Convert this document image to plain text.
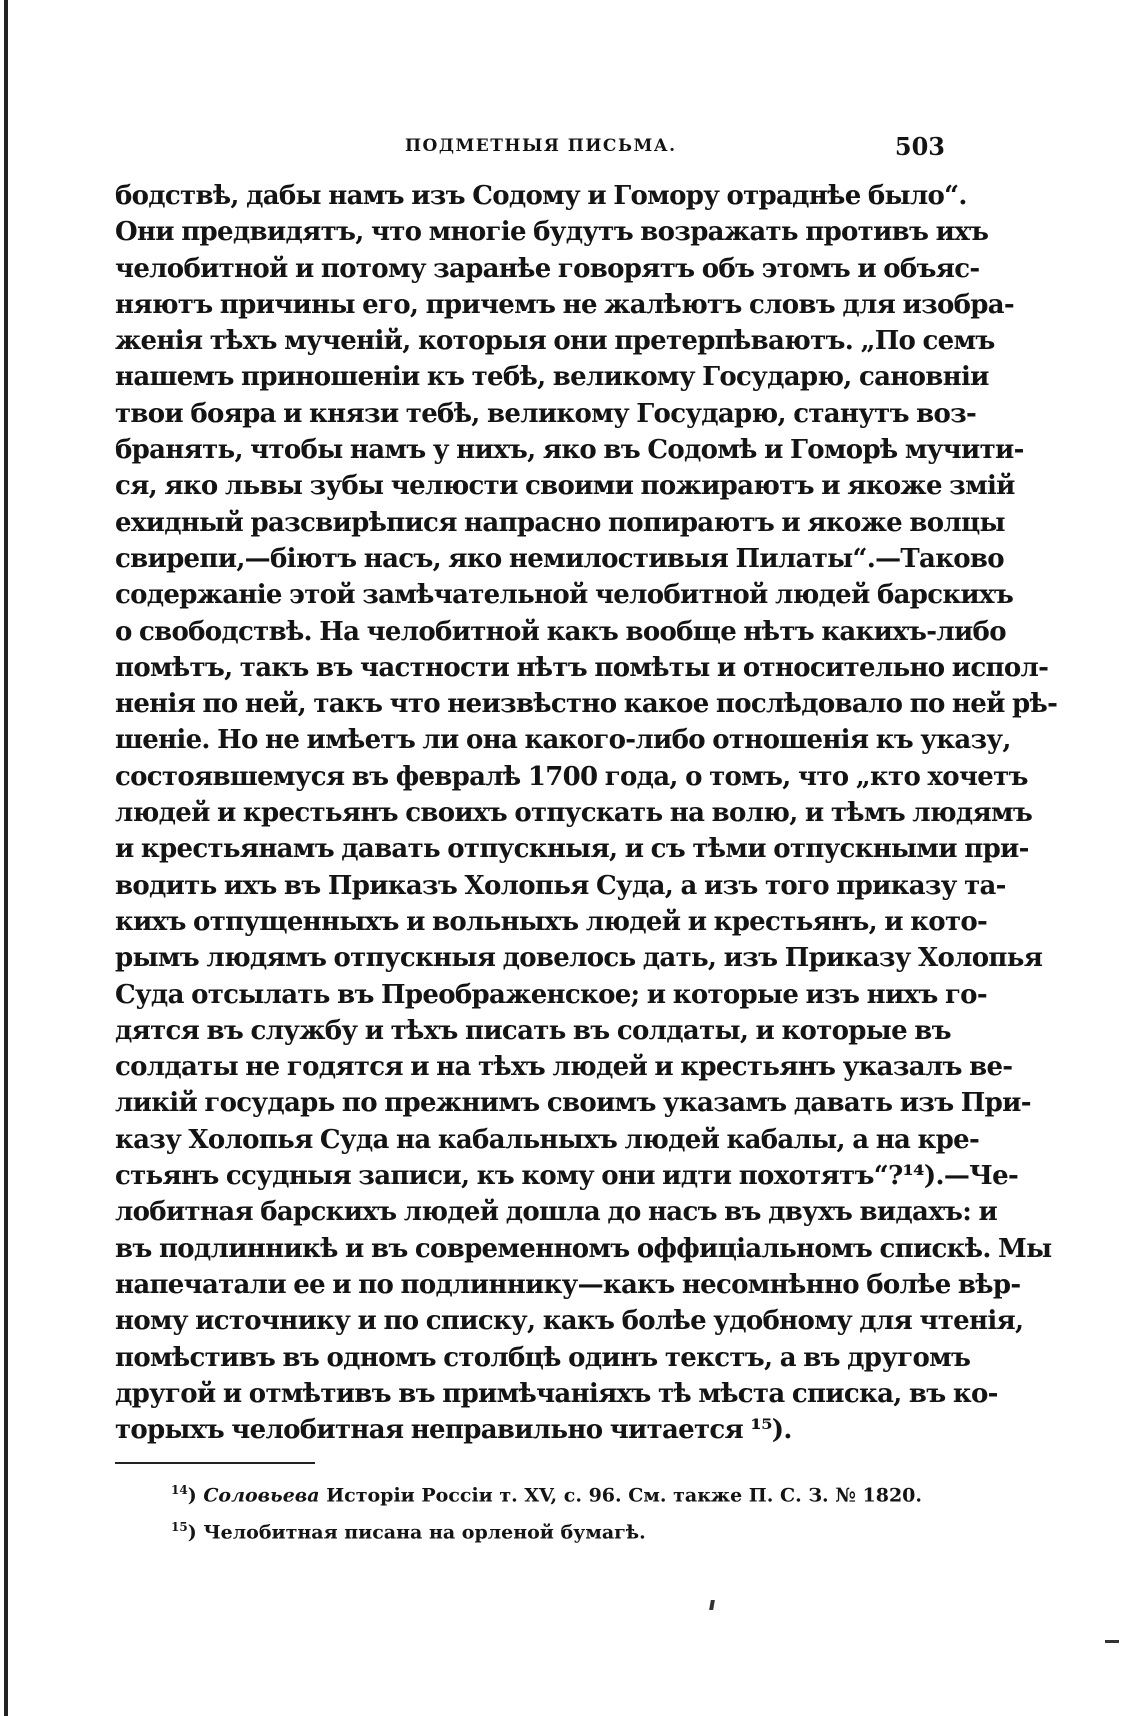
ПОДМЕТНЫЯ ПИСЬМА.	503
бодствѣ, дабы намъ изъ Содому и Гомору отраднѣе было“.
Они предвидятъ, что многіе будутъ возражать противъ ихъ
челобитной и потому заранѣе говорятъ объ этомъ и объяс-
няютъ причины его, причемъ не жалѣютъ словъ для изобра-
женія тѣхъ мученій, которыя они претерпѣваютъ. „По семъ
нашемъ приношеніи къ тебѣ, великому Государю, сановніи
твои бояра и князи тебѣ, великому Государю, станутъ воз-
бранять, чтобы намъ у нихъ, яко въ Содомѣ и Гоморѣ мучити-
ся, яко львы зубы челюсти своими пожираютъ и якоже змій
ехидный разсвирѣпися напрасно попираютъ и якоже волцы
свирепи,—біютъ насъ, яко немилостивыя Пилаты“.—Таково
содержаніе этой замѣчательной челобитной людей барскихъ
о свободствѣ. На челобитной какъ вообще нѣтъ какихъ-либо
помѣтъ, такъ въ частности нѣтъ помѣты и относительно испол-
ненія по ней, такъ что неизвѣстно какое послѣдовало по ней рѣ-
шеніе. Но не имѣетъ ли она какого-либо отношенія къ указу,
состоявшемуся въ февралѣ 1700 года, о томъ, что „кто хочетъ
людей и крестьянъ своихъ отпускать на волю, и тѣмъ людямъ
и крестьянамъ давать отпускныя, и съ тѣми отпускными при-
водить ихъ въ Приказъ Холопья Суда, а изъ того приказу та-
кихъ отпущенныхъ и вольныхъ людей и крестьянъ, и кото-
рымъ людямъ отпускныя довелось дать, изъ Приказу Холопья
Суда отсылать въ Преображенское; и которые изъ нихъ го-
дятся въ службу и тѣхъ писать въ солдаты, и которые въ
солдаты не годятся и на тѣхъ людей и крестьянъ указалъ ве-
ликій государь по прежнимъ своимъ указамъ давать изъ При-
казу Холопья Суда на кабальныхъ людей кабалы, а на кре-
стьянъ ссудныя записи, къ кому они идти похотятъ“?¹⁴).—Че-
лобитная барскихъ людей дошла до насъ въ двухъ видахъ: и
въ подлинникѣ и въ современномъ оффиціальномъ спискѣ. Мы
напечатали ее и по подлиннику—какъ несомнѣнно болѣе вѣр-
ному источнику и по списку, какъ болѣе удобному для чтенія,
помѣстивъ въ одномъ столбцѣ одинъ текстъ, а въ другомъ
другой и отмѣтивъ въ примѣчаніяхъ тѣ мѣста списка, въ ко-
торыхъ челобитная неправильно читается ¹⁵).
$^{14}$) Соловьева Исторіи Россіи т. XV, с. 96. См. также П. С. З. № 1820.
$^{15}$) Челобитная писана на орленой бумагѣ.
